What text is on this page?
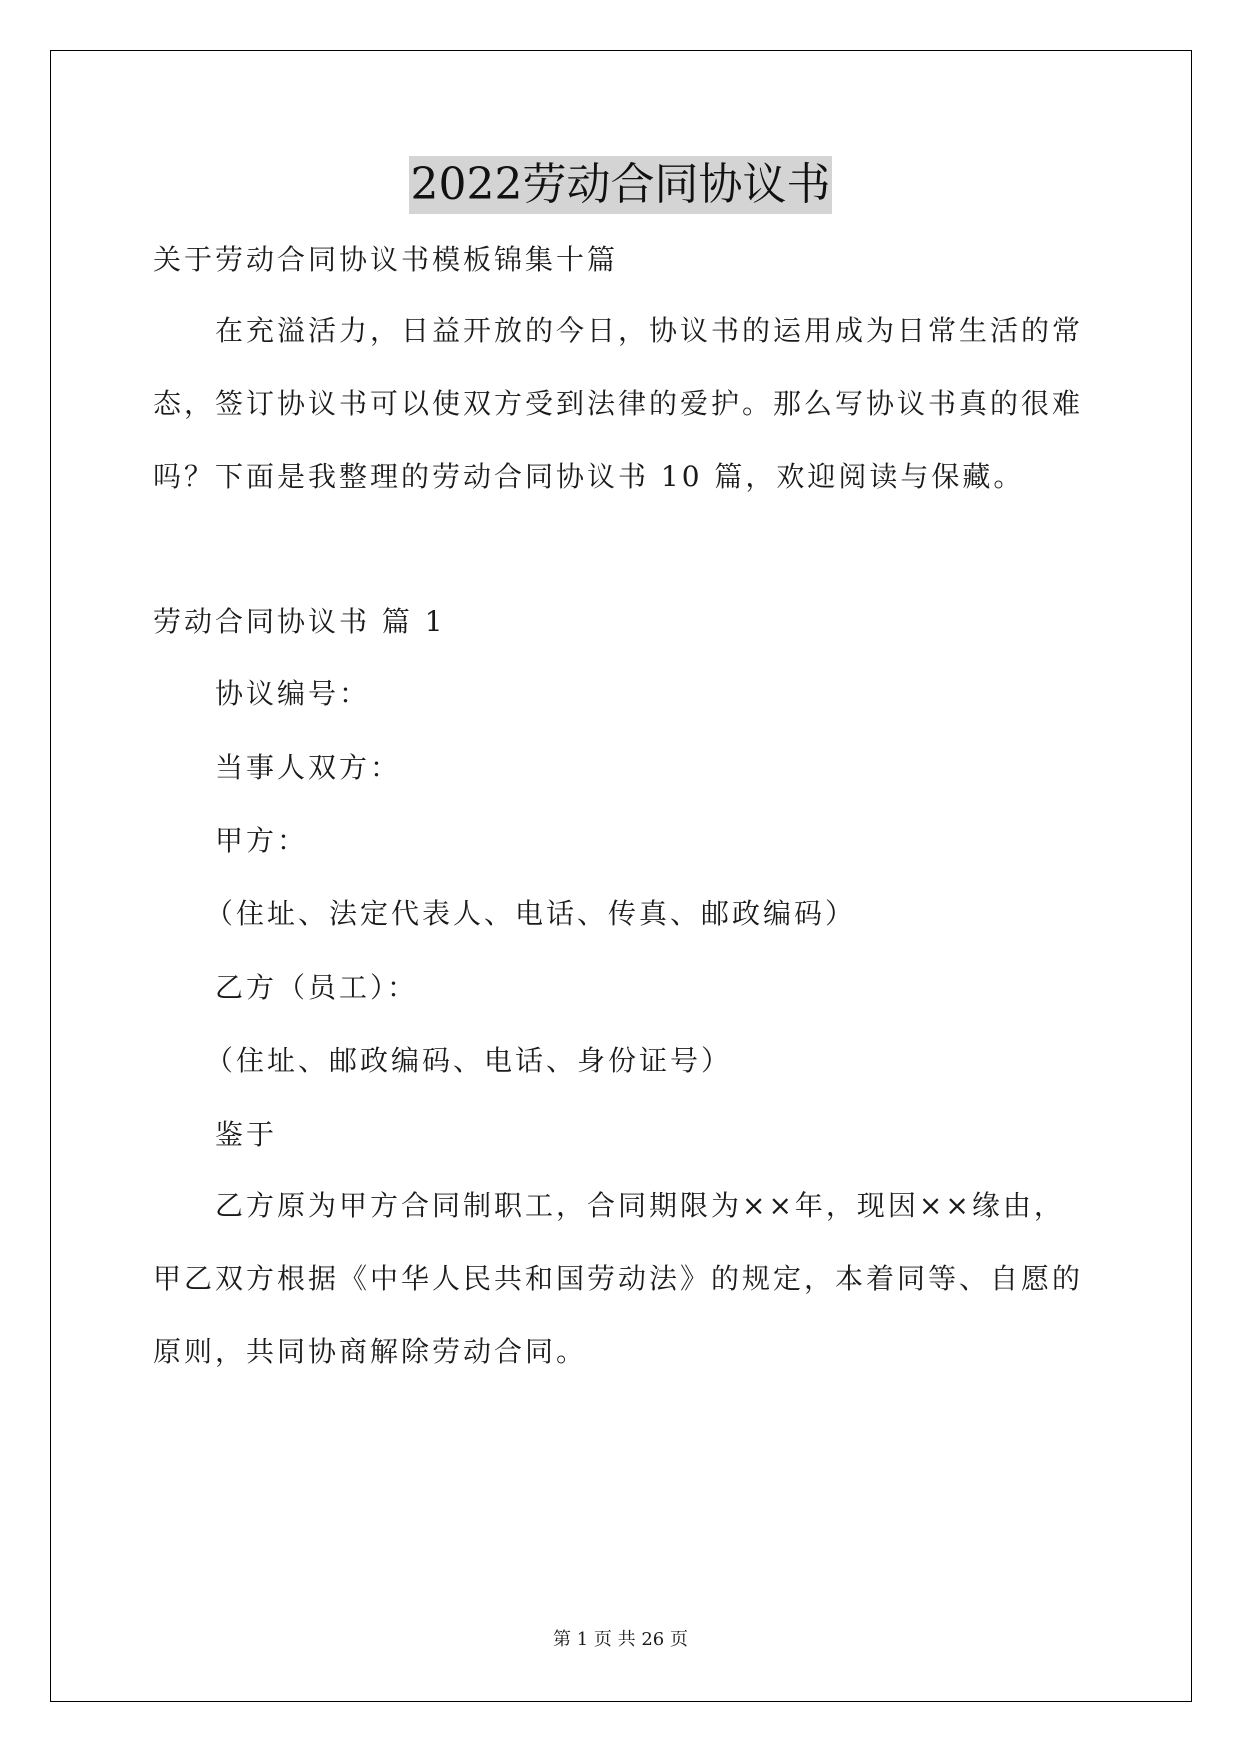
2022劳动合同协议书
关于劳动合同协议书模板锦集十篇
在充溢活力，日益开放的今日，协议书的运用成为日常生活的常
态，签订协议书可以使双方受到法律的爱护。那么写协议书真的很难
吗？下面是我整理的劳动合同协议书 10 篇，欢迎阅读与保藏。
劳动合同协议书 篇 1
协议编号：
当事人双方：
甲方：
（住址、法定代表人、电话、传真、邮政编码）
乙方（员工）：
（住址、邮政编码、电话、身份证号）
鉴于
乙方原为甲方合同制职工，合同期限为××年，现因××缘由，
甲乙双方根据《中华人民共和国劳动法》的规定，本着同等、自愿的
原则，共同协商解除劳动合同。
第 1 页 共 26 页
